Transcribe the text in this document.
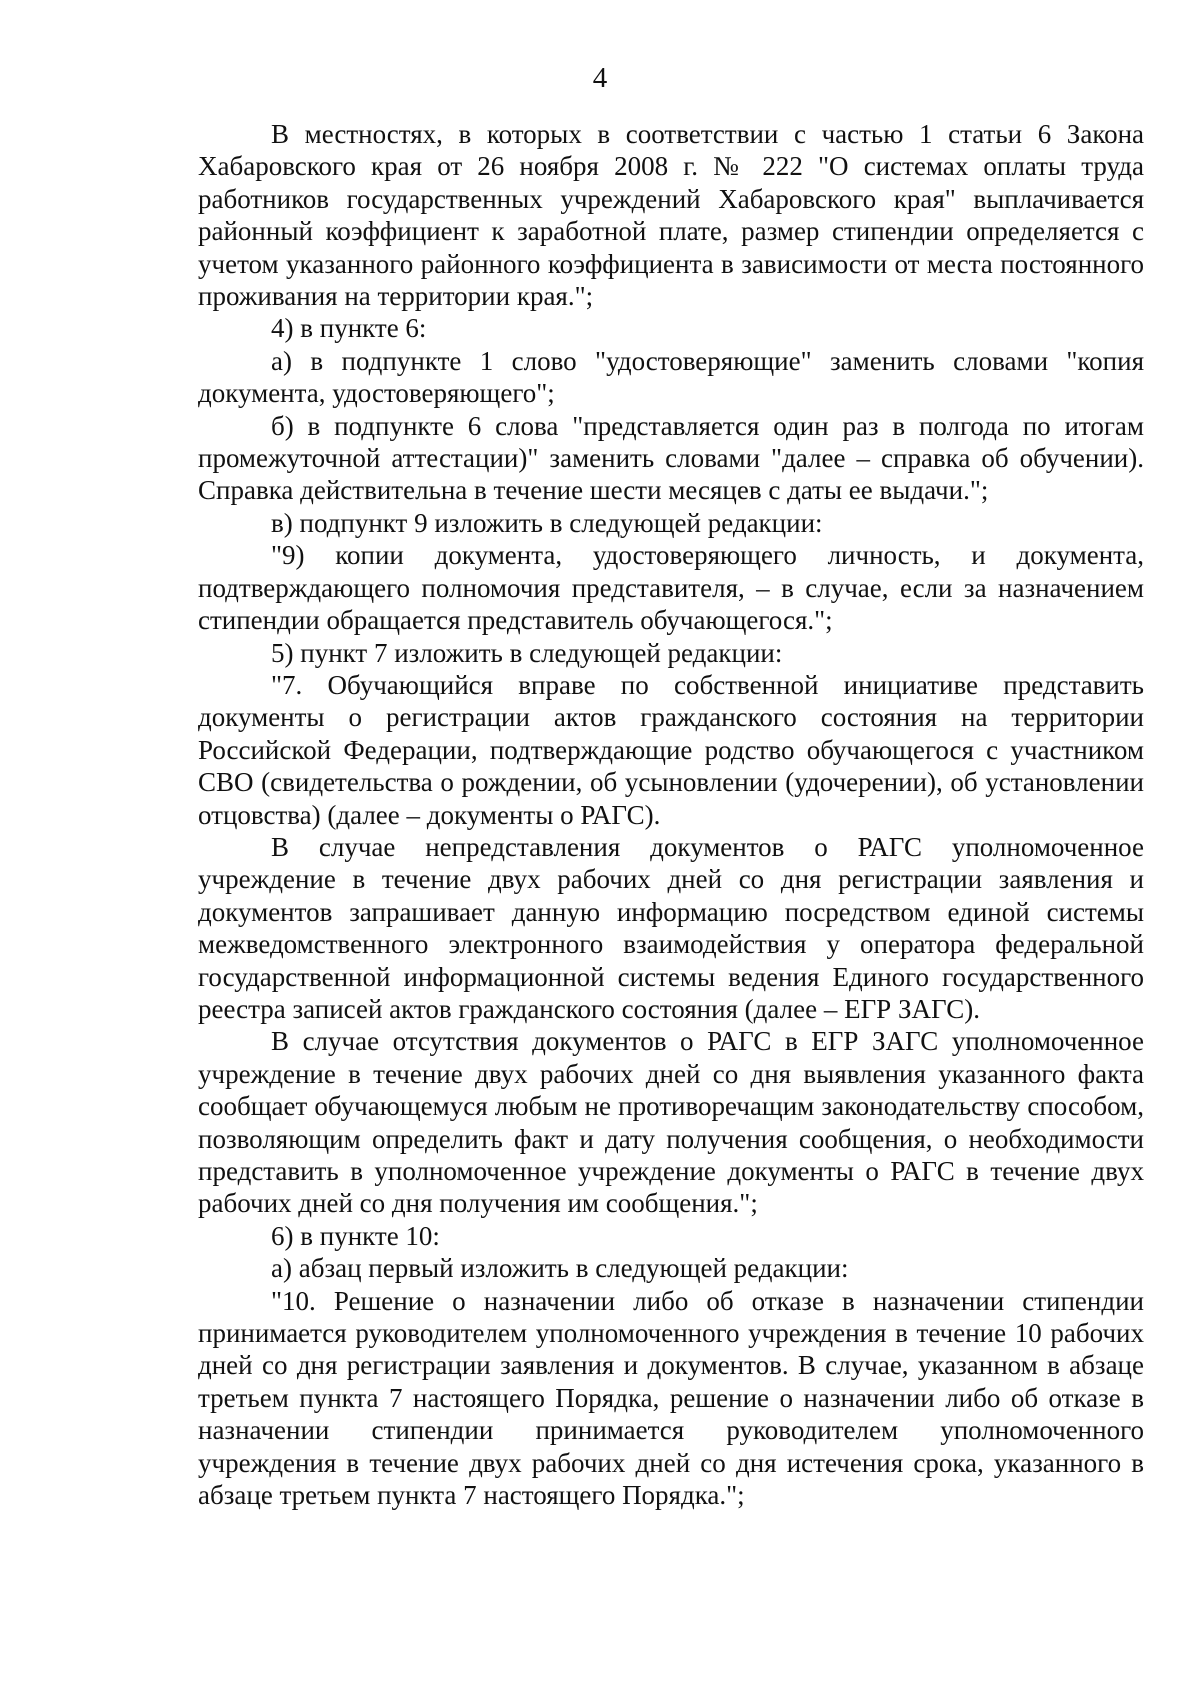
4

В местностях, в которых в соответствии с частью 1 статьи 6 Закона Хабаровского края от 26 ноября 2008 г. № 222 "О системах оплаты труда работников государственных учреждений Хабаровского края" выплачивается районный коэффициент к заработной плате, размер стипендии определяется с учетом указанного районного коэффициента в зависимости от места постоянного проживания на территории края.";

4) в пункте 6:

а) в подпункте 1 слово "удостоверяющие" заменить словами "копия документа, удостоверяющего";

б) в подпункте 6 слова "представляется один раз в полгода по итогам промежуточной аттестации)" заменить словами "далее – справка об обучении). Справка действительна в течение шести месяцев с даты ее выдачи.";

в) подпункт 9 изложить в следующей редакции:

"9) копии документа, удостоверяющего личность, и документа, подтверждающего полномочия представителя, – в случае, если за назначением стипендии обращается представитель обучающегося.";

5) пункт 7 изложить в следующей редакции:

"7. Обучающийся вправе по собственной инициативе представить документы о регистрации актов гражданского состояния на территории Российской Федерации, подтверждающие родство обучающегося с участником СВО (свидетельства о рождении, об усыновлении (удочерении), об установлении отцовства) (далее – документы о РАГС).

В случае непредставления документов о РАГС уполномоченное учреждение в течение двух рабочих дней со дня регистрации заявления и документов запрашивает данную информацию посредством единой системы межведомственного электронного взаимодействия у оператора федеральной государственной информационной системы ведения Единого государственного реестра записей актов гражданского состояния (далее – ЕГР ЗАГС).

В случае отсутствия документов о РАГС в ЕГР ЗАГС уполномоченное учреждение в течение двух рабочих дней со дня выявления указанного факта сообщает обучающемуся любым не противоречащим законодательству способом, позволяющим определить факт и дату получения сообщения, о необходимости представить в уполномоченное учреждение документы о РАГС в течение двух рабочих дней со дня получения им сообщения.";

6) в пункте 10:

а) абзац первый изложить в следующей редакции:

"10. Решение о назначении либо об отказе в назначении стипендии принимается руководителем уполномоченного учреждения в течение 10 рабочих дней со дня регистрации заявления и документов. В случае, указанном в абзаце третьем пункта 7 настоящего Порядка, решение о назначении либо об отказе в назначении стипендии принимается руководителем уполномоченного учреждения в течение двух рабочих дней со дня истечения срока, указанного в абзаце третьем пункта 7 настоящего Порядка.";
